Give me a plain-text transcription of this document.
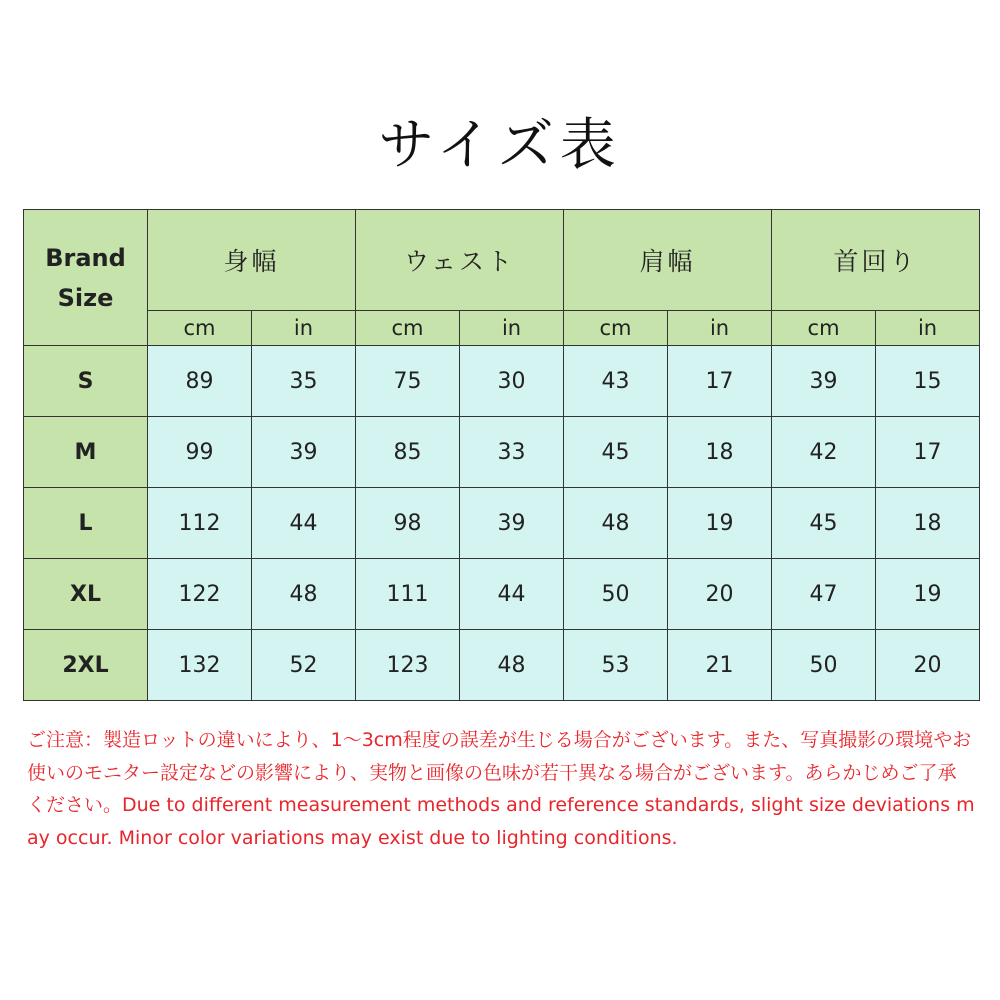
サイズ表
Brand
Size	身幅		ウェスト		肩幅		首回り	
	cm	in	cm	in	cm	in	cm	in
S	89	35	75	30	43	17	39	15
M	99	39	85	33	45	18	42	17
L	112	44	98	39	48	19	45	18
XL	122	48	111	44	50	20	47	19
2XL	132	52	123	48	53	21	50	20
ご注意：製造ロットの違いにより、1～3cm程度の誤差が生じる場合がございます。また、写真撮影の環境やお使いのモニター設定などの影響により、実物と画像の色味が若干異なる場合がございます。あらかじめご了承ください。Due to different measurement methods and reference standards, slight size deviations may occur. Minor color variations may exist due to lighting conditions.
